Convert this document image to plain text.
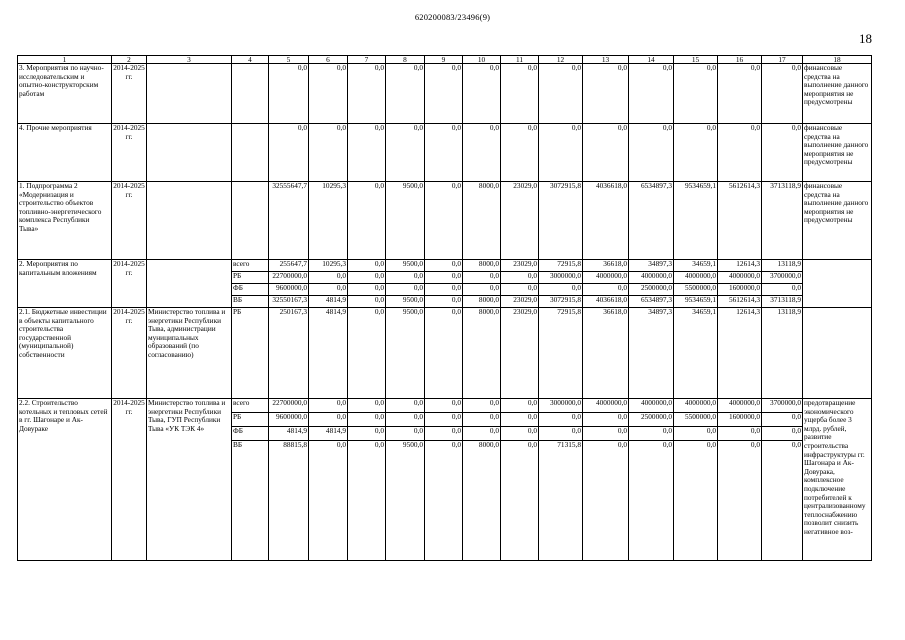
620200083/23496(9)
18
1	2	3	4	5	6	7	8	9	10	11	12	13	14	15	16	17	18
3. Мероприятия по научно-исследовательским и опытно-конструкторским работам	2014-2025 гг.			0,0	0,0	0,0	0,0	0,0	0,0	0,0	0,0	0,0	0,0	0,0	0,0	0,0	финансовые средства на выполнение данного мероприятия не предусмотрены
4. Прочие мероприятия	2014-2025 гг.			0,0	0,0	0,0	0,0	0,0	0,0	0,0	0,0	0,0	0,0	0,0	0,0	0,0	финансовые средства на выполнение данного мероприятия не предусмотрены
1. Подпрограмма 2 «Модернизация и строительство объектов топливно-энергетического комплекса Республики Тыва»	2014-2025 гг.			32555647,7	10295,3	0,0	9500,0	0,0	8000,0	23029,0	3072915,8	4036618,0	6534897,3	9534659,1	5612614,3	3713118,9	финансовые средства на выполнение данного мероприятия не предусмотрены
2. Мероприятия по капитальным вложениям	2014-2025 гг.		всего	255647,7	10295,3	0,0	9500,0	0,0	8000,0	23029,0	72915,8	36618,0	34897,3	34659,1	12614,3	13118,9	
			РБ	22700000,0	0,0	0,0	0,0	0,0	0,0	0,0	3000000,0	4000000,0	4000000,0	4000000,0	4000000,0	3700000,0	
			ФБ	9600000,0	0,0	0,0	0,0	0,0	0,0	0,0	0,0	0,0	2500000,0	5500000,0	1600000,0	0,0	
			ВБ	32550167,3	4814,9	0,0	9500,0	0,0	8000,0	23029,0	3072915,8	4036618,0	6534897,3	9534659,1	5612614,3	3713118,9	
2.1. Бюджетные инвестиции в объекты капитального строительства государственной (муниципальной) собственности	2014-2025 гг.	Министерство топлива и энергетики Республики Тыва, администрации муниципальных образований (по согласованию)	РБ	250167,3	4814,9	0,0	9500,0	0,0	8000,0	23029,0	72915,8	36618,0	34897,3	34659,1	12614,3	13118,9	
2.2. Строительство котельных и тепловых сетей в гг. Шагонаре и Ак-Довураке	2014-2025 гг.	Министерство топлива и энергетики Республики Тыва, ГУП Республики Тыва «УК ТЭК 4»	всего	22700000,0	0,0	0,0	0,0	0,0	0,0	0,0	3000000,0	4000000,0	4000000,0	4000000,0	4000000,0	3700000,0	предотвращение экономического ущерба более 3 млрд. рублей, развитие строительства инфраструктуры гг. Шагонара и Ак-Довурака, комплексное подключение потребителей к централизованному теплоснабжению позволит снизить негативное воз-
			РБ	9600000,0	0,0	0,0	0,0	0,0	0,0	0,0	0,0	0,0	2500000,0	5500000,0	1600000,0	0,0	
			ФБ	4814,9	4814,9	0,0	0,0	0,0	0,0	0,0	0,0	0,0	0,0	0,0	0,0	0,0	
			ВБ	88815,8	0,0	0,0	9500,0	0,0	8000,0	0,0	71315,8	0,0	0,0	0,0	0,0	0,0	
